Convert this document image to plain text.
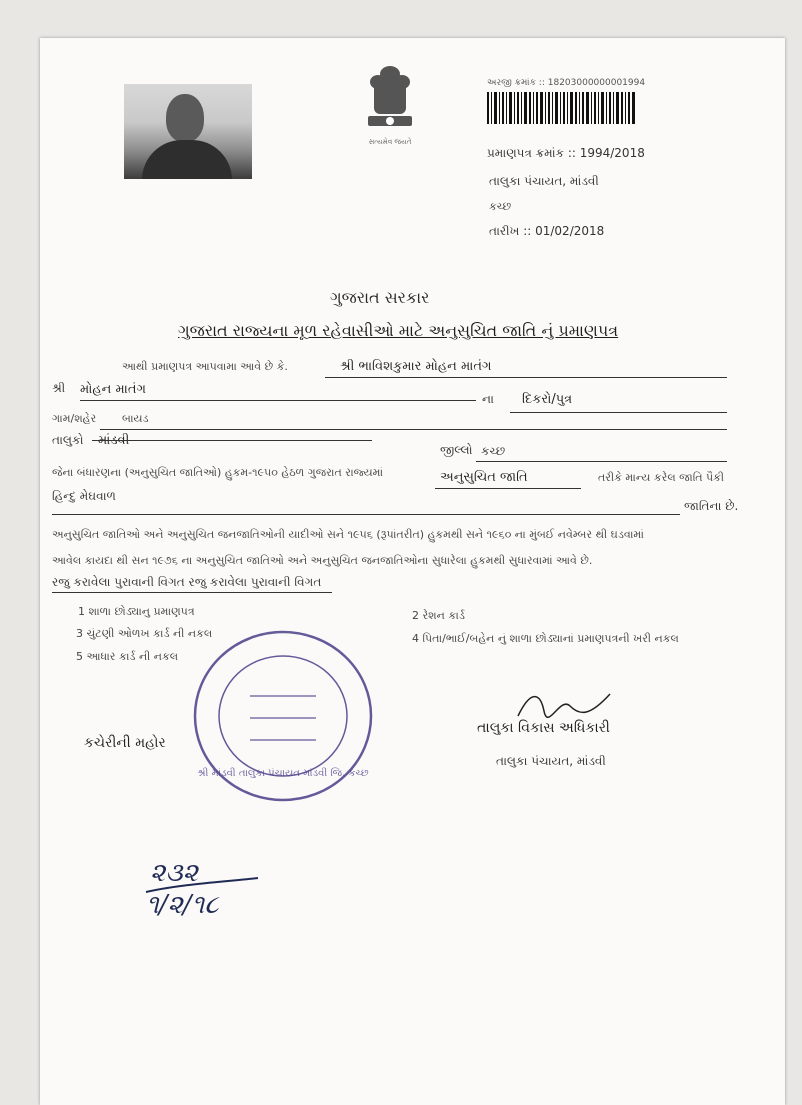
સત્યમેવ જયતે
અરજી ક્રમાંક :: 18203000000001994
પ્રમાણપત્ર ક્રમાંક :: 1994/2018
તાલુકા પંચાયત, માંડવી
કચ્છ
તારીખ :: 01/02/2018
ગુજરાત સરકાર
ગુજરાત રાજ્યના મૂળ રહેવાસીઓ માટે અનુસુચિત જાતિ નું પ્રમાણપત્ર
આથી પ્રમાણપત્ર આપવામા આવે છે કે.	શ્રી ભાવિશકુમાર મોહન માતંગ
શ્રી મોહન માતંગ
ના દિકરો/પુત્ર
ગામ/શહેર બાયડ
તાલુકો માંડવી
જીલ્લો કચ્છ
જેના બંધારણના (અનુસુચિત જાતિઓ) હુકમ-૧૯૫૦ હેઠળ ગુજરાત રાજ્યમાં	અનુસુચિત જાતિ	તરીકે માન્ય કરેલ જાતિ પૈકી
હિન્દુ મેઘવાળ
જાતિના છે.
અનુસુચિત જાતિઓ અને અનુસુચિત જનજાતિઓની યાદીઓ સને ૧૯૫૬ (રૂપાંતરીત) હુકમથી સને ૧૯૬૦ ના મુંબઈ નવેમ્બર થી ઘડવામાં
આવેલ કાયદા થી સન ૧૯૭૬ ના અનુસુચિત જાતિઓ અને અનુસુચિત જનજાતિઓના સુધારેલા હુકમથી સુધારવામાં આવે છે.
રજુ કરાવેલા પુરાવાની વિગત રજુ કરાવેલા પુરાવાની વિગત
1 શાળા છોડ્યાનુ પ્રમાણપત્ર	2 રેશન કાર્ડ
3 ચુંટણી ઓળખ કાર્ડ ની નકલ	4 પિતા/ભાઈ/બહેન નું શાળા છોડ્યાનાં પ્રમાણપત્રની ખરી નકલ
5 આધાર કાર્ડ ની નકલ
શ્રી માંડવી તાલુકા પંચાયત માંડવી જિ. કચ્છ
કચેરીની મહોર
તાલુકા વિકાસ અધિકારી
તાલુકા પંચાયત, માંડવી
૨૩૨
૧/૨/૧૮
